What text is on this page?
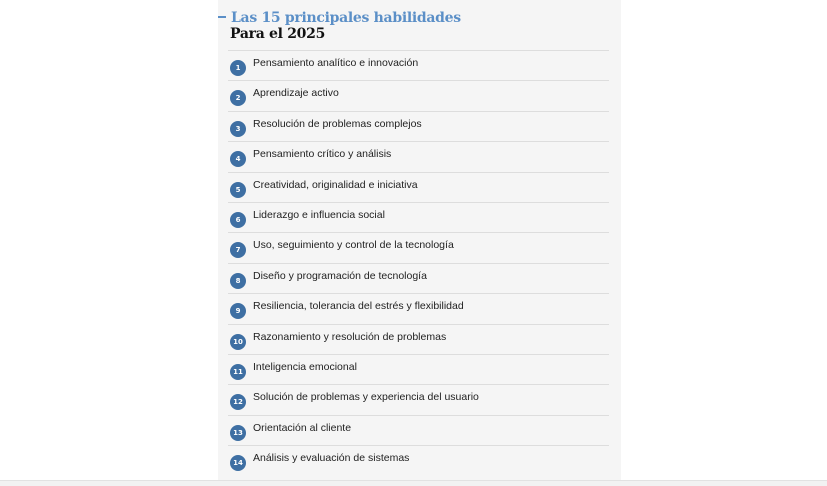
Las 15 principales habilidades
Para el 2025
1	Pensamiento analítico e innovación
2	Aprendizaje activo
3	Resolución de problemas complejos
4	Pensamiento crítico y análisis
5	Creatividad, originalidad e iniciativa
6	Liderazgo e influencia social
7	Uso, seguimiento y control de la tecnología
8	Diseño y programación de tecnología
9	Resiliencia, tolerancia del estrés y flexibilidad
10 Razonamiento y resolución de problemas
11 Inteligencia emocional
12 Solución de problemas y experiencia del usuario
13 Orientación al cliente
14 Análisis y evaluación de sistemas
